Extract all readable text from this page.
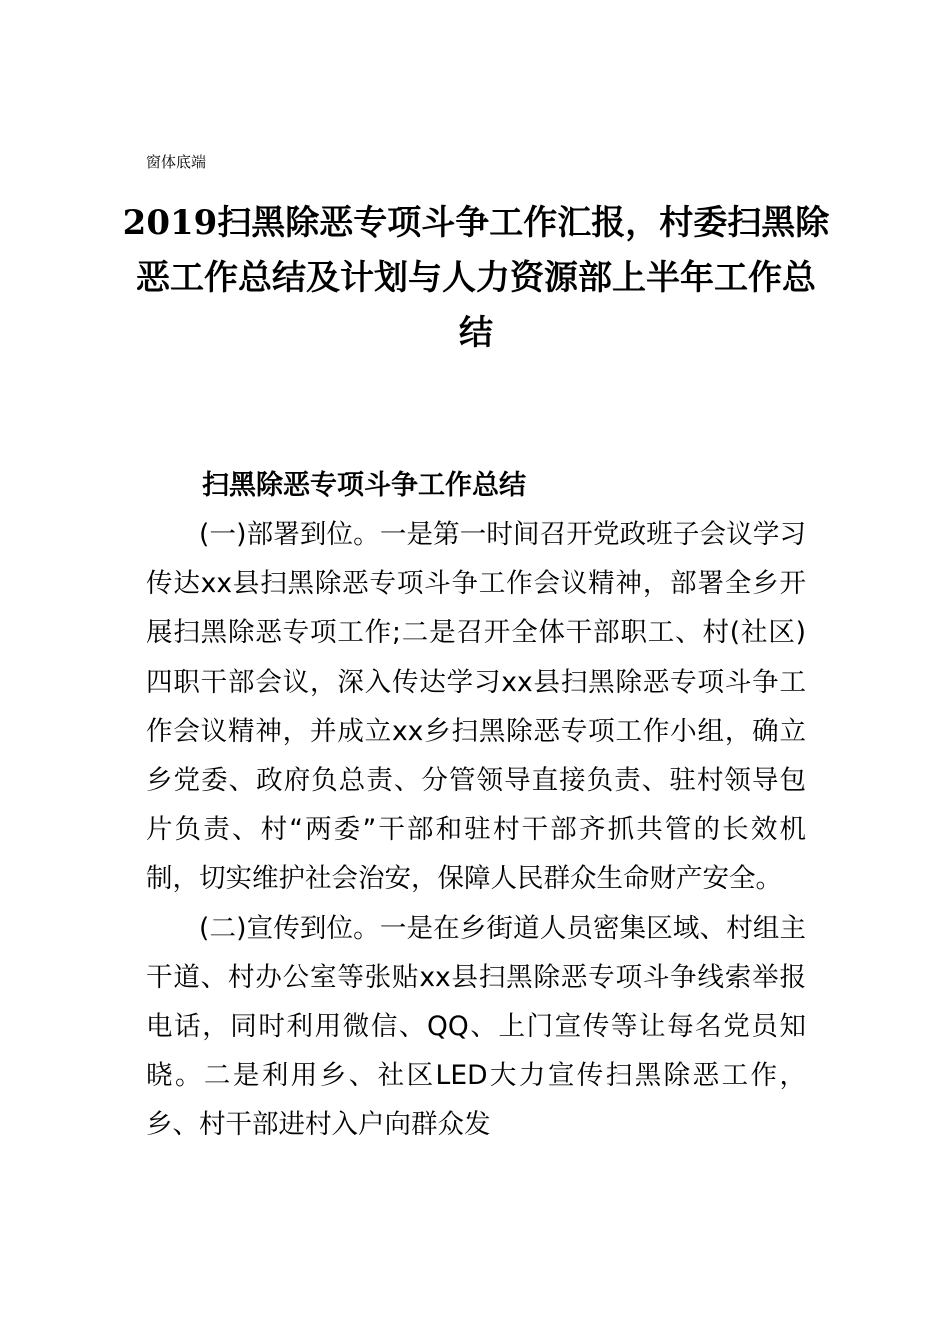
窗体底端
2019扫黑除恶专项斗争工作汇报，村委扫黑除恶工作总结及计划与人力资源部上半年工作总结
扫黑除恶专项斗争工作总结

(一)部署到位。一是第一时间召开党政班子会议学习传达xx县扫黑除恶专项斗争工作会议精神，部署全乡开展扫黑除恶专项工作;二是召开全体干部职工、村(社区)四职干部会议，深入传达学习xx县扫黑除恶专项斗争工作会议精神，并成立xx乡扫黑除恶专项工作小组，确立乡党委、政府负总责、分管领导直接负责、驻村领导包片负责、村“两委”干部和驻村干部齐抓共管的长效机制，切实维护社会治安，保障人民群众生命财产安全。

(二)宣传到位。一是在乡街道人员密集区域、村组主干道、村办公室等张贴xx县扫黑除恶专项斗争线索举报电话，同时利用微信、QQ、上门宣传等让每名党员知晓。二是利用乡、社区LED大力宣传扫黑除恶工作，乡、村干部进村入户向群众发
